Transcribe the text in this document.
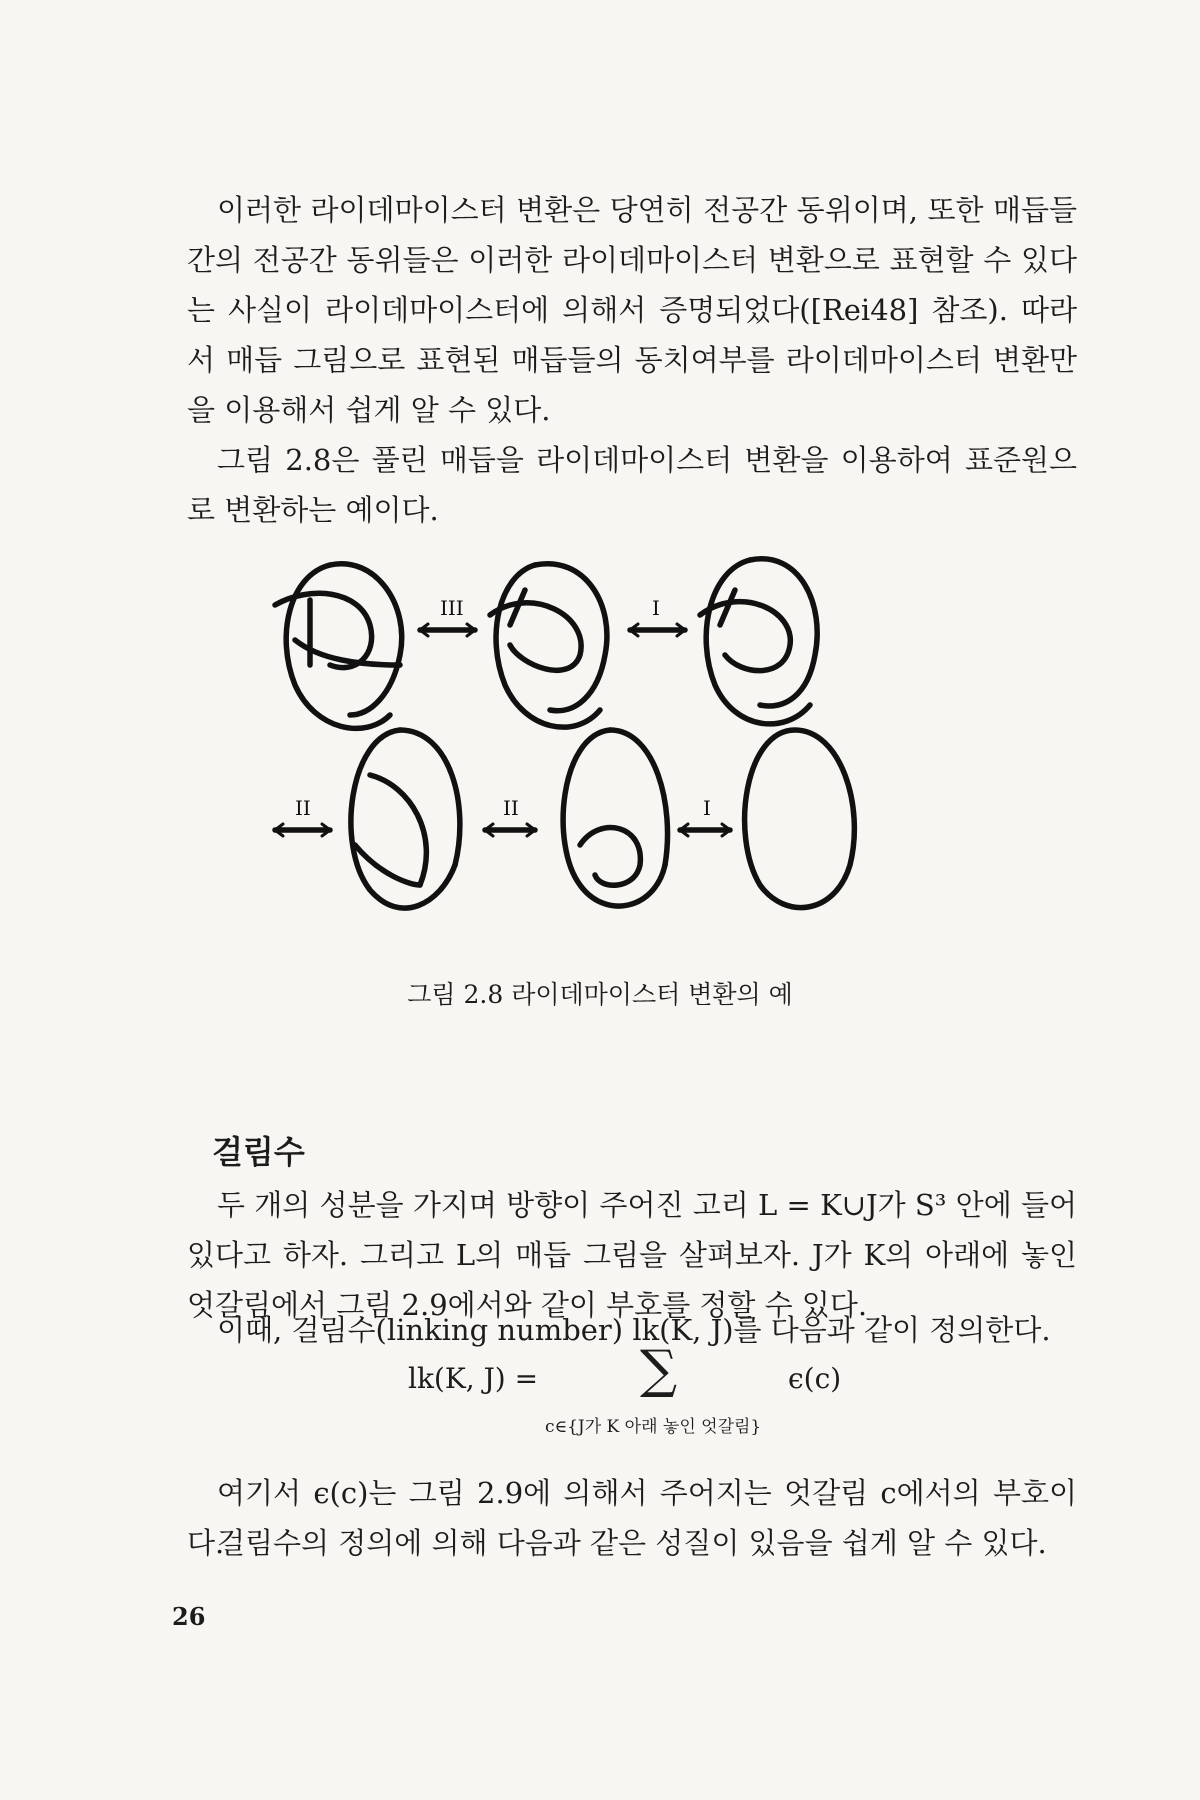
이러한 라이데마이스터 변환은 당연히 전공간 동위이며, 또한 매듭들간의 전공간 동위들은 이러한 라이데마이스터 변환으로 표현할 수 있다는 사실이 라이데마이스터에 의해서 증명되었다([Rei48] 참조). 따라서 매듭 그림으로 표현된 매듭들의 동치여부를 라이데마이스터 변환만을 이용해서 쉽게 알 수 있다.

그림 2.8은 풀린 매듭을 라이데마이스터 변환을 이용하여 표준원으로 변환하는 예이다.

III	I
II	II	I

그림 2.8 라이데마이스터 변환의 예

걸림수

두 개의 성분을 가지며 방향이 주어진 고리 L = K∪J가 S³ 안에 들어 있다고 하자. 그리고 L의 매듭 그림을 살펴보자. J가 K의 아래에 놓인 엇갈림에서 그림 2.9에서와 같이 부호를 정할 수 있다.

이때, 걸림수(linking number) lk(K, J)를 다음과 같이 정의한다.

lk(K, J) = ∑	ϵ(c)
c∈{J가 K 아래 놓인 엇갈림}

여기서 ϵ(c)는 그림 2.9에 의해서 주어지는 엇갈림 c에서의 부호이다.

걸림수의 정의에 의해 다음과 같은 성질이 있음을 쉽게 알 수 있다.

26
